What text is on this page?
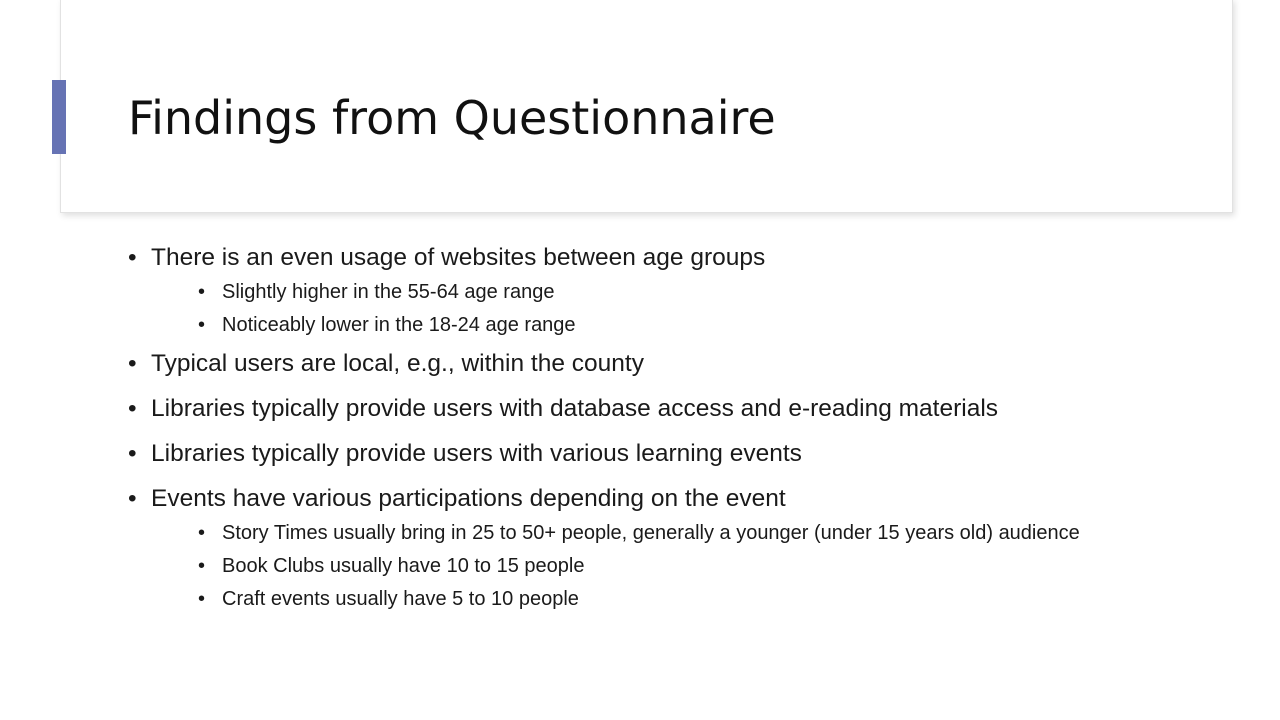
Findings from Questionnaire
• There is an even usage of websites between age groups
• Slightly higher in the 55-64 age range
• Noticeably lower in the 18-24 age range
• Typical users are local, e.g., within the county
• Libraries typically provide users with database access and e-reading materials
• Libraries typically provide users with various learning events
• Events have various participations depending on the event
• Story Times usually bring in 25 to 50+ people, generally a younger (under 15 years old) audience
• Book Clubs usually have 10 to 15 people
• Craft events usually have 5 to 10 people
